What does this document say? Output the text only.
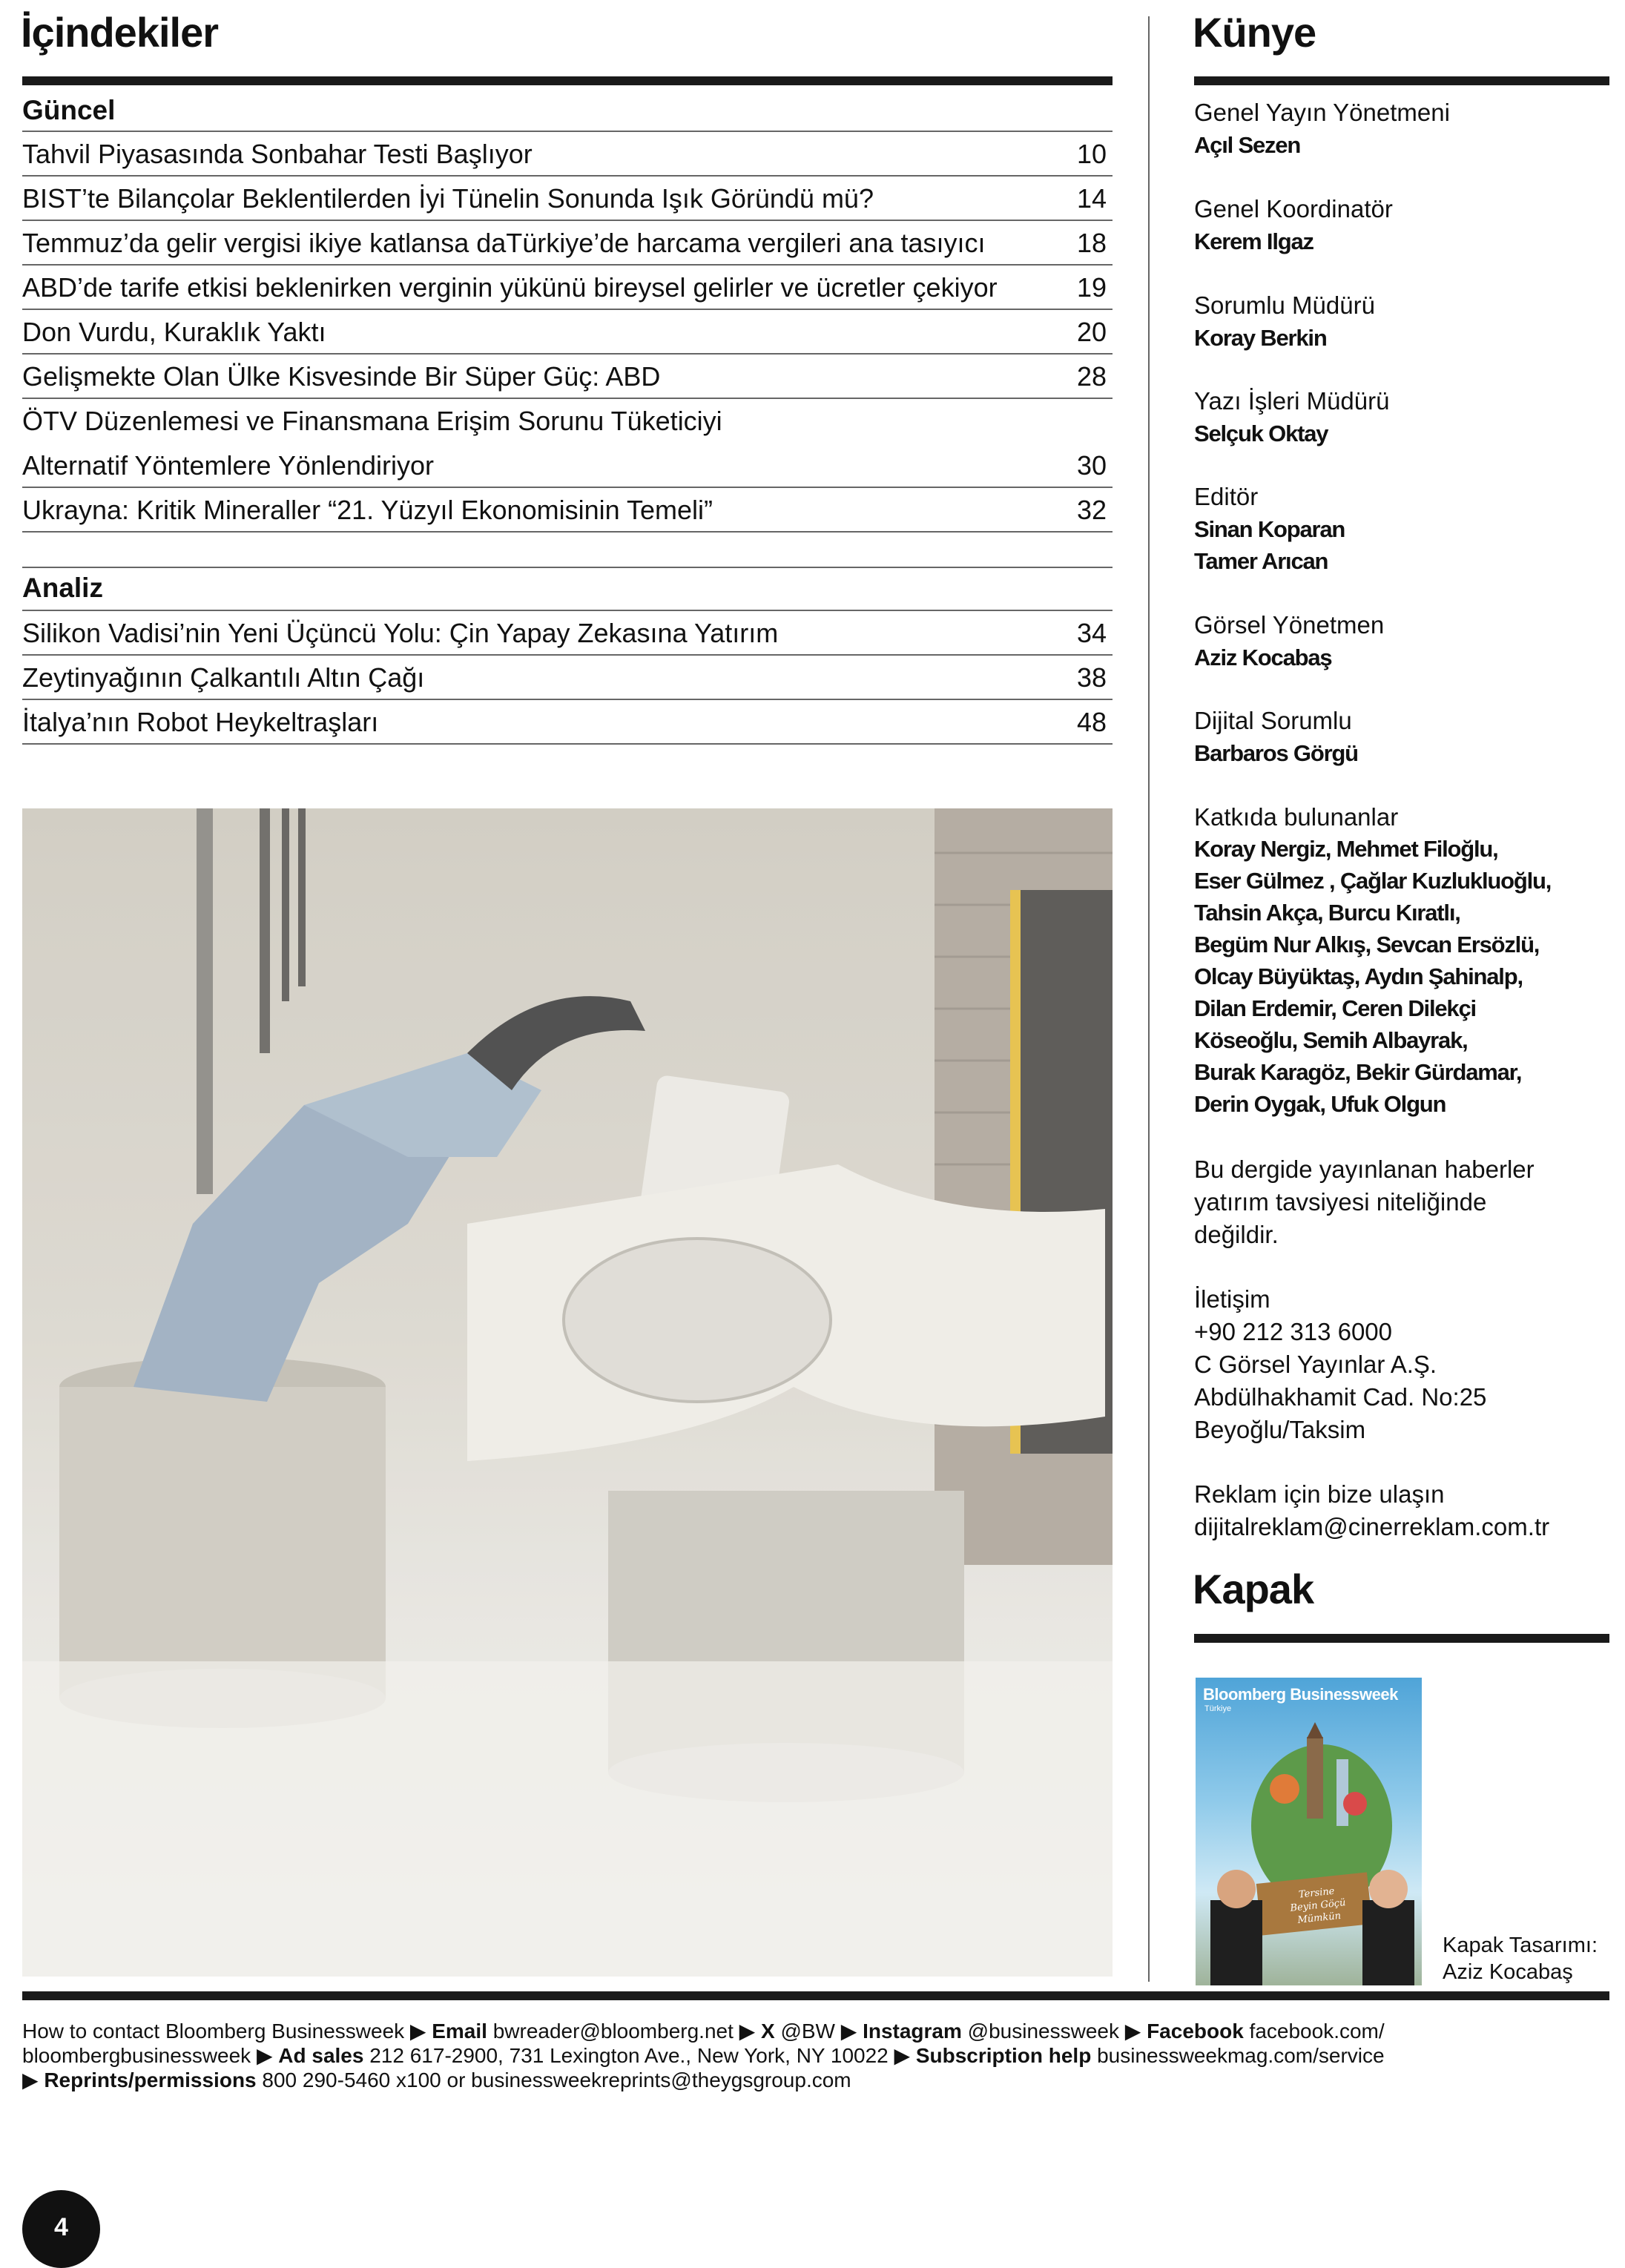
İçindekiler
Güncel
Tahvil Piyasasında Sonbahar Testi Başlıyor	10
BIST’te Bilançolar Beklentilerden İyi Tünelin Sonunda Işık Göründü mü?	14
Temmuz’da gelir vergisi ikiye katlansa daTürkiye’de harcama vergileri ana tasıyıcı	18
ABD’de tarife etkisi beklenirken verginin yükünü bireysel gelirler ve ücretler çekiyor	19
Don Vurdu, Kuraklık Yaktı	20
Gelişmekte Olan Ülke Kisvesinde Bir Süper Güç: ABD	28
ÖTV Düzenlemesi ve Finansmana Erişim Sorunu Tüketiciyi
Alternatif Yöntemlere Yönlendiriyor	30
Ukrayna: Kritik Mineraller “21. Yüzyıl Ekonomisinin Temeli”	32
Analiz
Silikon Vadisi’nin Yeni Üçüncü Yolu: Çin Yapay Zekasına Yatırım	34
Zeytinyağının Çalkantılı Altın Çağı	38
İtalya’nın Robot Heykeltraşları	48
Künye
Genel Yayın Yönetmeni
Açıl Sezen
Genel Koordinatör
Kerem Ilgaz
Sorumlu Müdürü
Koray Berkin
Yazı İşleri Müdürü
Selçuk Oktay
Editör
Sinan Koparan
Tamer Arıcan
Görsel Yönetmen
Aziz Kocabaş
Dijital Sorumlu
Barbaros Görgü
Katkıda bulunanlar
Koray Nergiz, Mehmet Filoğlu,
Eser Gülmez , Çağlar Kuzlukluoğlu,
Tahsin Akça, Burcu Kıratlı,
Begüm Nur Alkış, Sevcan Ersözlü,
Olcay Büyüktaş, Aydın Şahinalp,
Dilan Erdemir, Ceren Dilekçi
Köseoğlu, Semih Albayrak,
Burak Karagöz, Bekir Gürdamar,
Derin Oygak, Ufuk Olgun
Bu dergide yayınlanan haberler
yatırım tavsiyesi niteliğinde
değildir.
İletişim
+90 212 313 6000
C Görsel Yayınlar A.Ş.
Abdülhakhamit Cad. No:25
Beyoğlu/Taksim
Reklam için bize ulaşın
dijitalreklam@cinerreklam.com.tr
Kapak
Bloomberg Businessweek
Türkiye
Tersine
Beyin Göçü
Mümkün
Kapak Tasarımı:
Aziz Kocabaş
How to contact Bloomberg Businessweek ▶ Email bwreader@bloomberg.net ▶ X @BW ▶ Instagram @businessweek ▶ Facebook facebook.com/
bloombergbusinessweek ▶ Ad sales 212 617-2900, 731 Lexington Ave., New York, NY 10022 ▶ Subscription help businessweekmag.com/service
▶ Reprints/permissions 800 290-5460 x100 or businessweekreprints@theygsgroup.com
4
